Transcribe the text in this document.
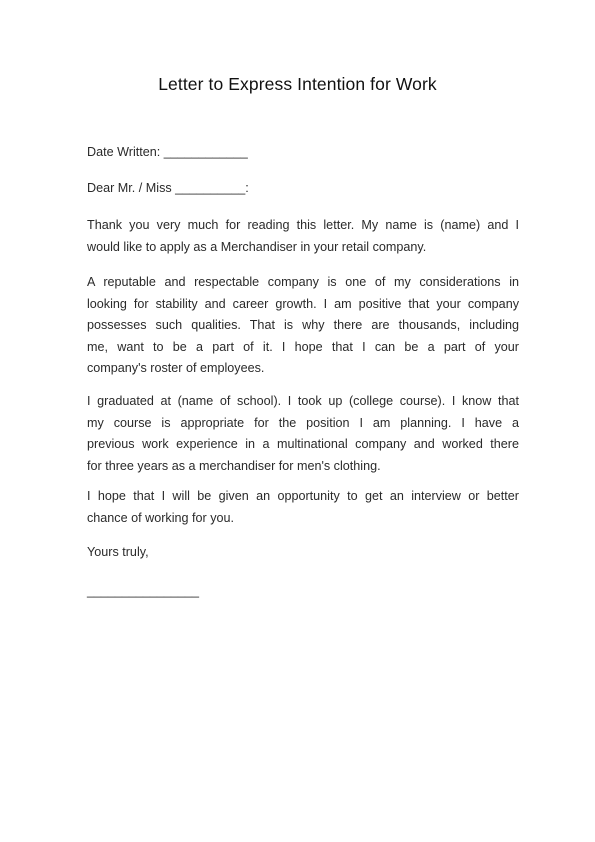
Letter to Express Intention for Work

Date Written: ____________

Dear Mr. / Miss __________:

Thank you very much for reading this letter. My name is (name) and I
would like to apply as a Merchandiser in your retail company.
A reputable and respectable company is one of my considerations in
looking for stability and career growth. I am positive that your company
possesses such qualities. That is why there are thousands, including
me, want to be a part of it. I hope that I can be a part of your
company's roster of employees.
I graduated at (name of school). I took up (college course). I know that
my course is appropriate for the position I am planning. I have a
previous work experience in a multinational company and worked there
for three years as a merchandiser for men's clothing.
I hope that I will be given an opportunity to get an interview or better
chance of working for you.

Yours truly,

________________
